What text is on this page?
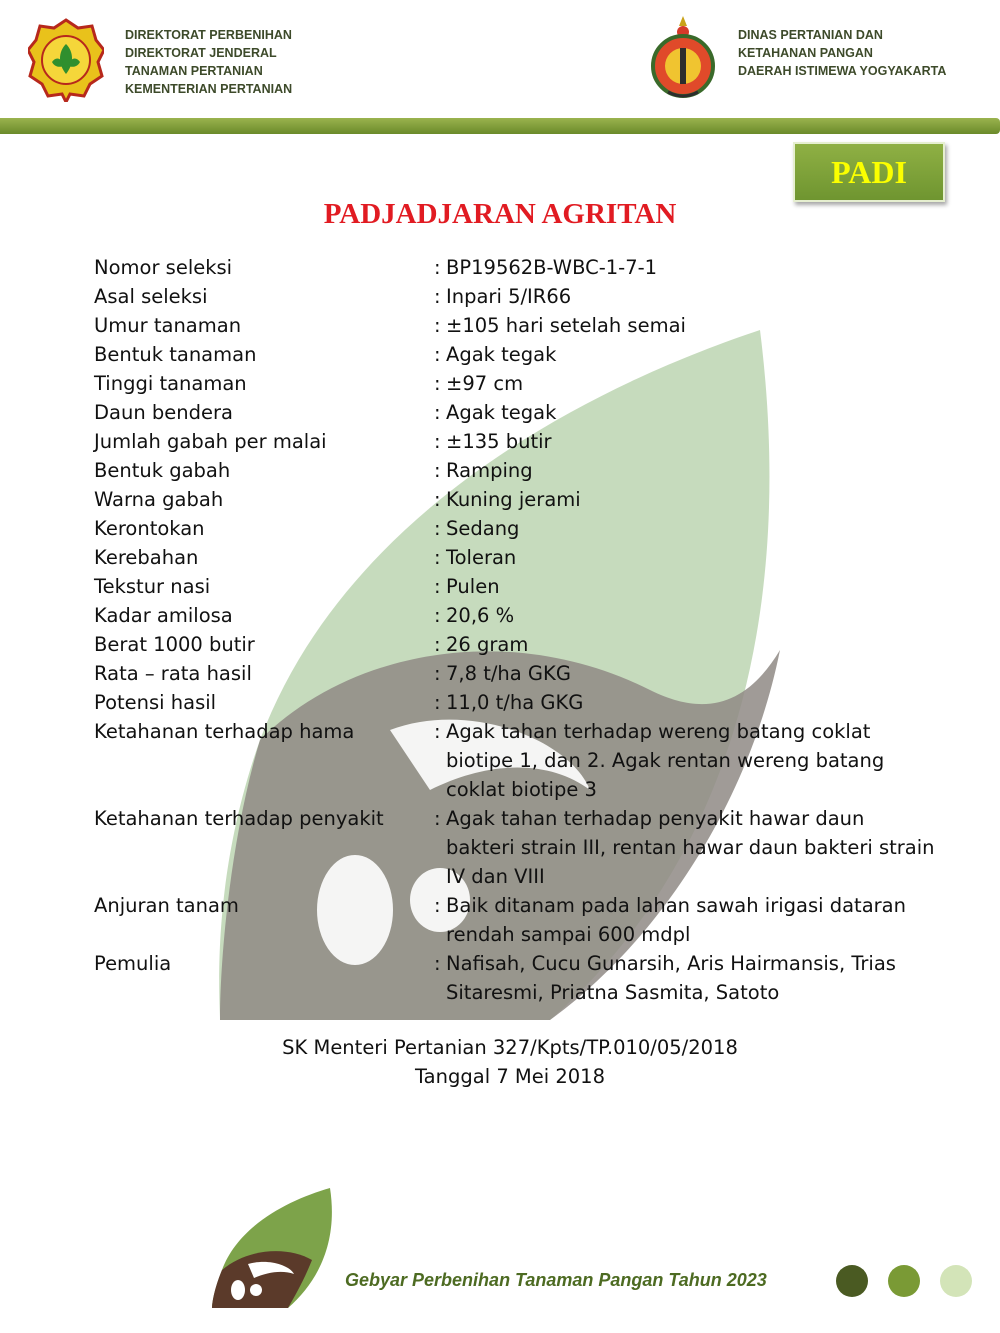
DIREKTORAT PERBENIHAN
DIREKTORAT JENDERAL
TANAMAN PERTANIAN
KEMENTERIAN PERTANIAN
DINAS PERTANIAN DAN
KETAHANAN PANGAN
DAERAH ISTIMEWA YOGYAKARTA
PADI
PADJADJARAN AGRITAN
Nomor seleksi	: BP19562B-WBC-1-7-1
Asal seleksi	: Inpari 5/IR66
Umur tanaman	: ±105 hari setelah semai
Bentuk tanaman	: Agak tegak
Tinggi tanaman	: ±97 cm
Daun bendera	: Agak tegak
Jumlah gabah per malai	: ±135 butir
Bentuk gabah	: Ramping
Warna gabah	: Kuning jerami
Kerontokan	: Sedang
Kerebahan	: Toleran
Tekstur nasi	: Pulen
Kadar amilosa	: 20,6 %
Berat 1000 butir	: 26 gram
Rata – rata hasil	: 7,8 t/ha GKG
Potensi hasil	: 11,0 t/ha GKG
Ketahanan terhadap hama	: Agak tahan terhadap wereng batang coklat biotipe 1, dan 2. Agak rentan wereng batang coklat biotipe 3
Ketahanan terhadap penyakit	: Agak tahan terhadap penyakit hawar daun bakteri strain III, rentan hawar daun bakteri strain IV dan VIII
Anjuran tanam	: Baik ditanam pada lahan sawah irigasi dataran rendah sampai 600 mdpl
Pemulia	: Nafisah, Cucu Gunarsih, Aris Hairmansis, Trias Sitaresmi, Priatna Sasmita, Satoto
SK Menteri Pertanian 327/Kpts/TP.010/05/2018
Tanggal 7 Mei 2018
Gebyar Perbenihan Tanaman Pangan Tahun 2023
